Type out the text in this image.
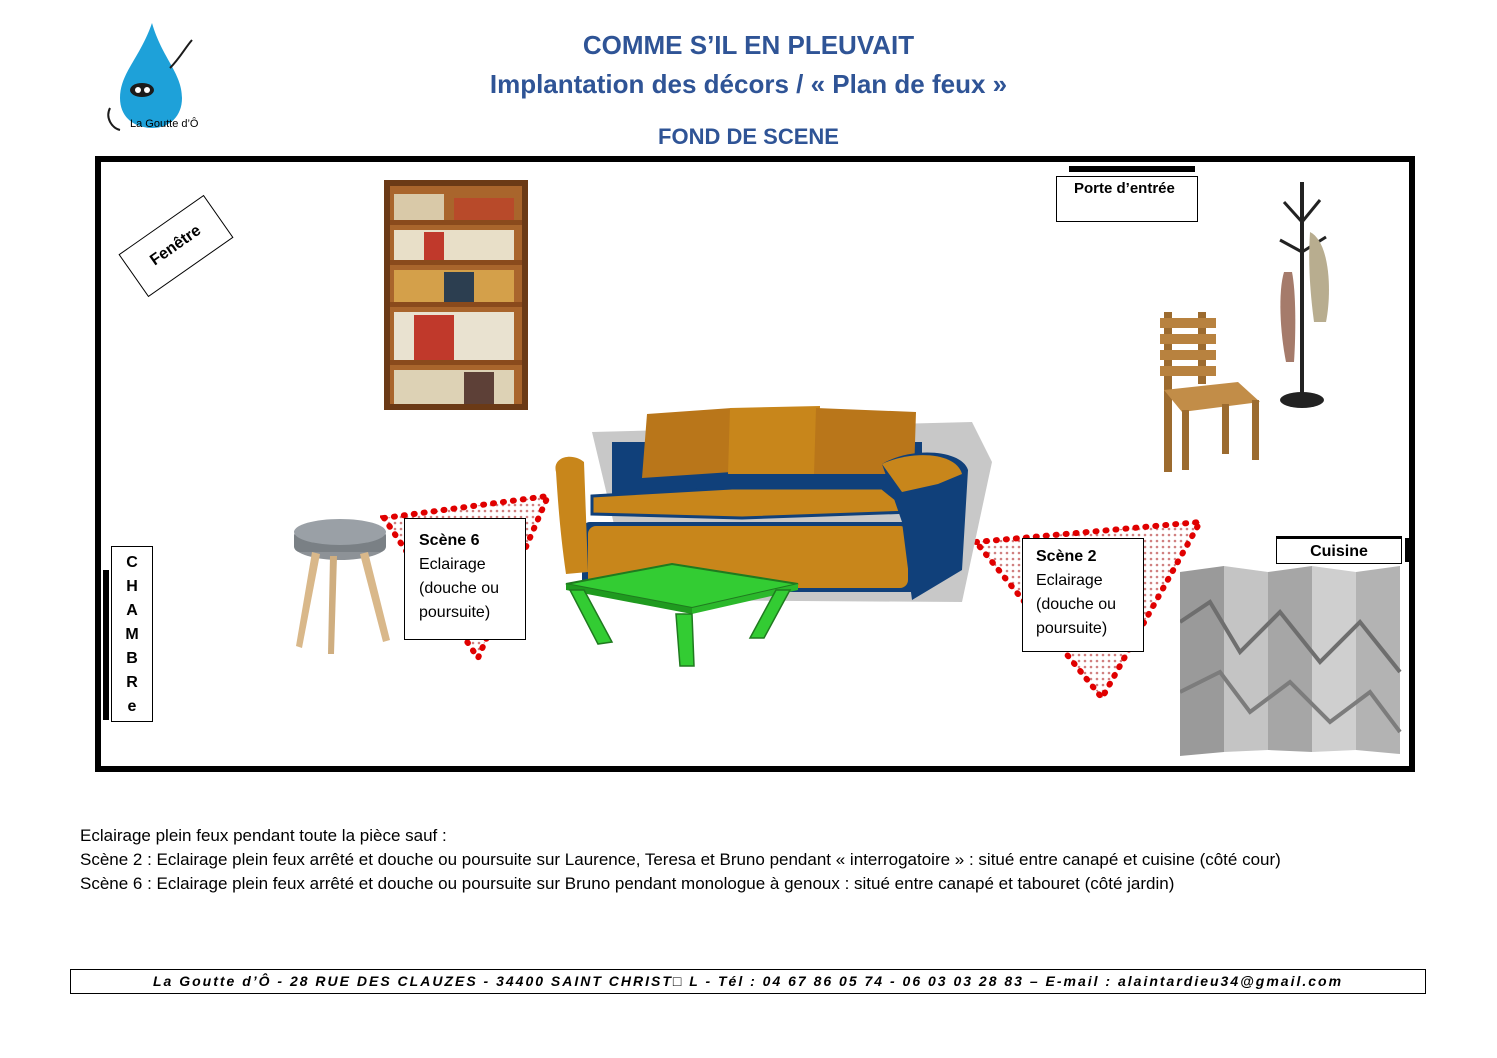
La Goutte d’Ô
COMME S’IL EN PLEUVAIT
Implantation des décors / « Plan de feux »
FOND DE SCENE
Fenêtre
Porte d’entrée
Scène 6
Eclairage
(douche ou
poursuite)
Scène 2
Eclairage
(douche ou
poursuite)
C
H
A
M
B
R
e
Cuisine
Eclairage plein feux pendant toute la pièce sauf :
Scène 2 : Eclairage plein feux arrêté et douche ou poursuite sur Laurence, Teresa et Bruno pendant « interrogatoire » : situé entre canapé et cuisine (côté cour)
Scène 6 : Eclairage plein feux arrêté et douche ou poursuite sur Bruno pendant monologue à genoux : situé entre canapé et tabouret (côté jardin)
La Goutte d’Ô - 28 RUE DES CLAUZES - 34400 SAINT CHRIST□ L - Tél : 04 67 86 05 74 - 06 03 03 28 83 – E-mail : alaintardieu34@gmail.com
